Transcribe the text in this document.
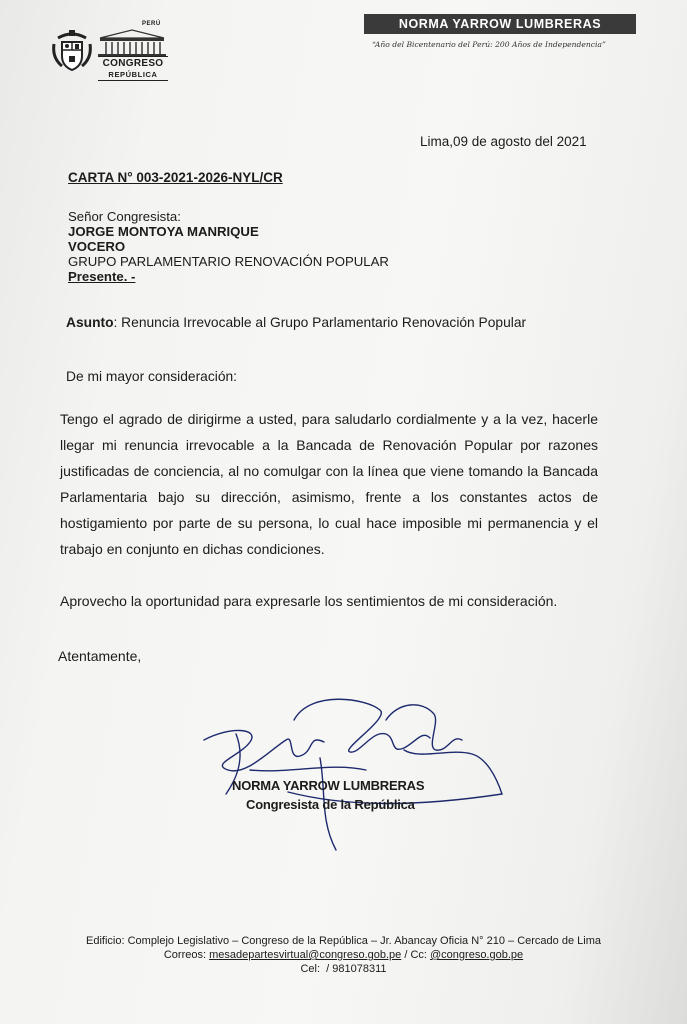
PERÚ
CONGRESO
REPÚBLICA
NORMA YARROW LUMBRERAS
“Año del Bicentenario del Perú: 200 Años de Independencia”
Lima,09 de agosto del 2021
CARTA N° 003-2021-2026-NYL/CR
Señor Congresista:
JORGE MONTOYA MANRIQUE
VOCERO
GRUPO PARLAMENTARIO RENOVACIÓN POPULAR
Presente. -
Asunto: Renuncia Irrevocable al Grupo Parlamentario Renovación Popular
De mi mayor consideración:
Tengo el agrado de dirigirme a usted, para saludarlo cordialmente y a la vez, hacerle llegar mi renuncia irrevocable a la Bancada de Renovación Popular por razones justificadas de conciencia, al no comulgar con la línea que viene tomando la Bancada Parlamentaria bajo su dirección, asimismo, frente a los constantes actos de hostigamiento por parte de su persona, lo cual hace imposible mi permanencia y el trabajo en conjunto en dichas condiciones.
Aprovecho la oportunidad para expresarle los sentimientos de mi consideración.
Atentamente,
NORMA YARROW LUMBRERAS
Congresista de la República
Edificio: Complejo Legislativo – Congreso de la República – Jr. Abancay Oficia N° 210 – Cercado de Lima
Correos: mesadepartesvirtual@congreso.gob.pe / Cc: @congreso.gob.pe
Cel: / 981078311
